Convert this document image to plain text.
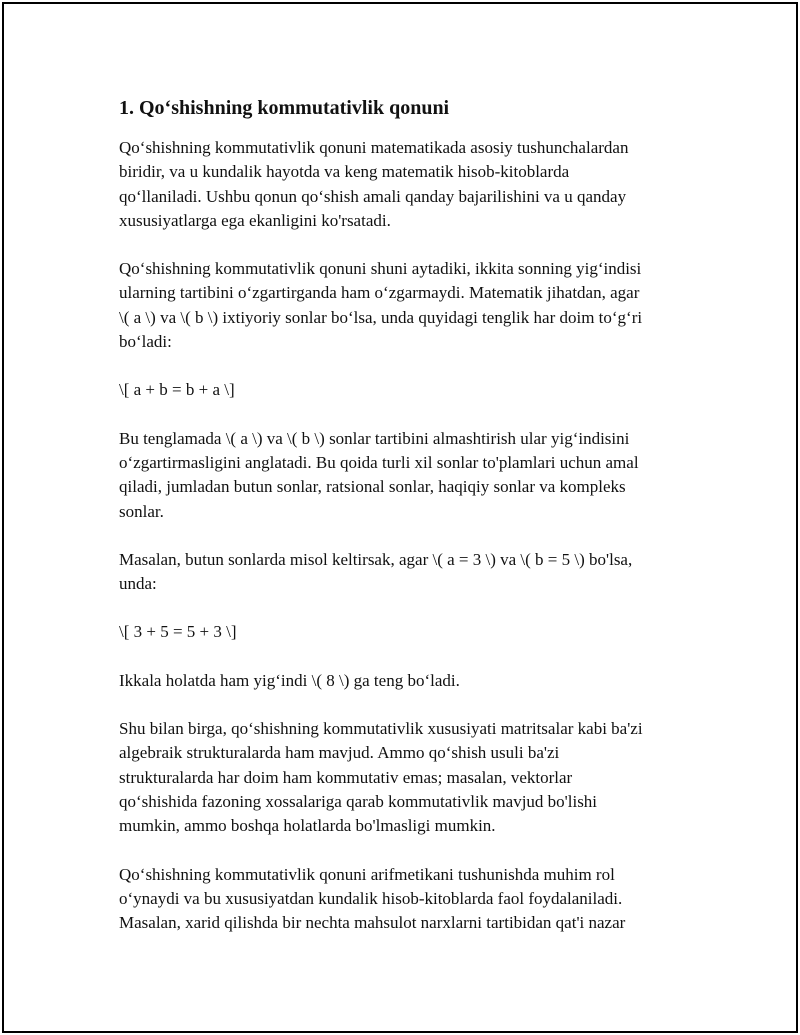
1. Qo‘shishning kommutativlik qonuni
Qo‘shishning kommutativlik qonuni matematikada asosiy tushunchalardan
biridir, va u kundalik hayotda va keng matematik hisob-kitoblarda
qo‘llaniladi. Ushbu qonun qo‘shish amali qanday bajarilishini va u qanday
xususiyatlarga ega ekanligini ko'rsatadi.
Qo‘shishning kommutativlik qonuni shuni aytadiki, ikkita sonning yig‘indisi
ularning tartibini o‘zgartirganda ham o‘zgarmaydi. Matematik jihatdan, agar
\( a \) va \( b \) ixtiyoriy sonlar bo‘lsa, unda quyidagi tenglik har doim to‘g‘ri
bo‘ladi:
\[ a + b = b + a \]
Bu tenglamada \( a \) va \( b \) sonlar tartibini almashtirish ular yig‘indisini
o‘zgartirmasligini anglatadi. Bu qoida turli xil sonlar to'plamlari uchun amal
qiladi, jumladan butun sonlar, ratsional sonlar, haqiqiy sonlar va kompleks
sonlar.
Masalan, butun sonlarda misol keltirsak, agar \( a = 3 \) va \( b = 5 \) bo'lsa,
unda:
\[ 3 + 5 = 5 + 3 \]
Ikkala holatda ham yig‘indi \( 8 \) ga teng bo‘ladi.
Shu bilan birga, qo‘shishning kommutativlik xususiyati matritsalar kabi ba'zi
algebraik strukturalarda ham mavjud. Ammo qo‘shish usuli ba'zi
strukturalarda har doim ham kommutativ emas; masalan, vektorlar
qo‘shishida fazoning xossalariga qarab kommutativlik mavjud bo'lishi
mumkin, ammo boshqa holatlarda bo'lmasligi mumkin.
Qo‘shishning kommutativlik qonuni arifmetikani tushunishda muhim rol
o‘ynaydi va bu xususiyatdan kundalik hisob-kitoblarda faol foydalaniladi.
Masalan, xarid qilishda bir nechta mahsulot narxlarni tartibidan qat'i nazar
